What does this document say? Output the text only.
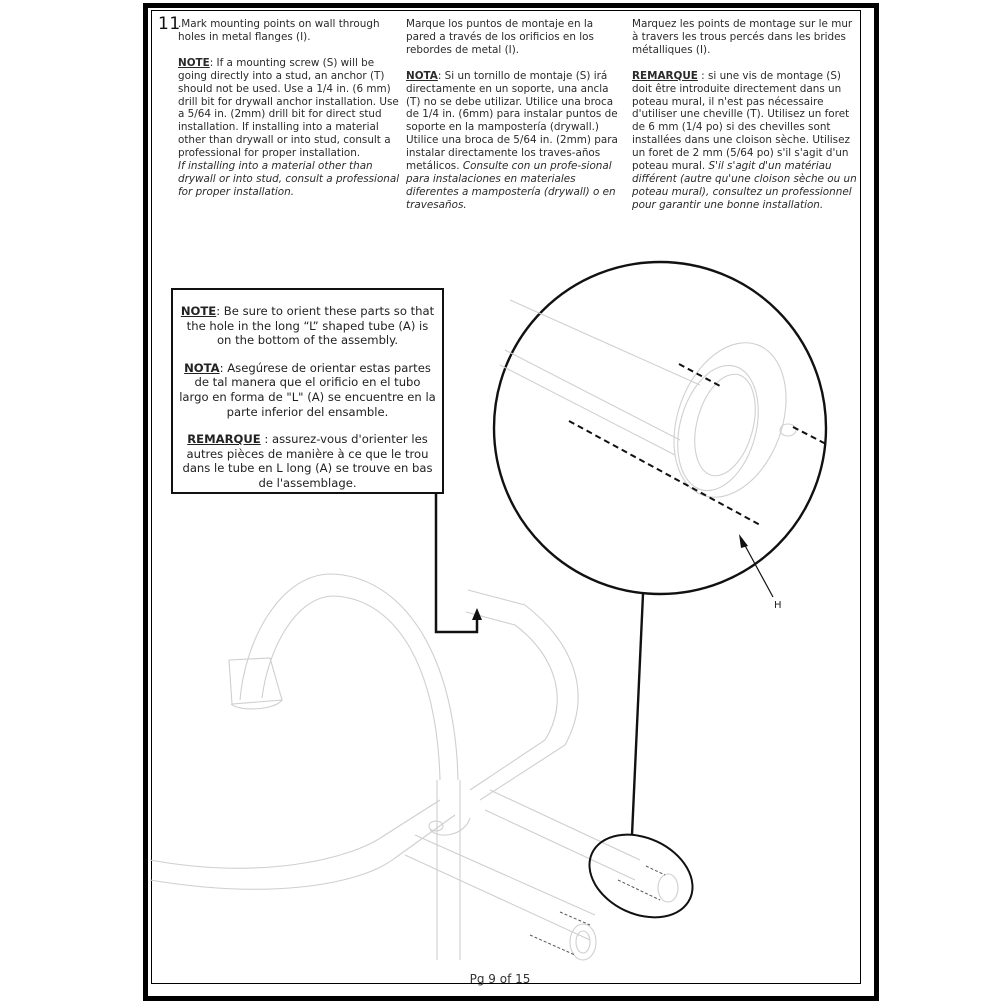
11

.Mark mounting points on wall through holes in metal flanges (I).

NOTE: If a mounting screw (S) will be going directly into a stud, an anchor (T) should not be used. Use a 1/4 in. (6 mm) drill bit for drywall anchor installation. Use a 5/64 in. (2mm) drill bit for direct stud installation. If installing into a material other than drywall or into stud, consult a professional for proper installation.
If installing into a material other than drywall or into stud, consult a professional for proper installation.

Marque los puntos de montaje en la pared a través de los orificios en los rebordes de metal (I).

NOTA: Si un tornillo de montaje (S) irá directamente en un soporte, una ancla (T) no se debe utilizar. Utilice una broca de 1/4 in. (6mm) para instalar puntos de soporte en la mampostería (drywall.) Utilice una broca de 5/64 in. (2mm) para instalar directamente los traves-años metálicos. Consulte con un profe-sional para instalaciones en materiales diferentes a mampostería (drywall) o en travesaños.

Marquez les points de montage sur le mur à travers les trous percés dans les brides métalliques (I).

REMARQUE : si une vis de montage (S) doit être introduite directement dans un poteau mural, il n'est pas nécessaire d'utiliser une cheville (T). Utilisez un foret de 6 mm (1/4 po) si des chevilles sont installées dans une cloison sèche. Utilisez un foret de 2 mm (5/64 po) s'il s'agit d'un poteau mural. S'il s'agit d'un matériau différent (autre qu'une cloison sèche ou un poteau mural), consultez un professionnel pour garantir une bonne installation.

H

NOTE: Be sure to orient these parts so that the hole in the long “L” shaped tube (A) is on the bottom of the assembly.

NOTA: Asegúrese de orientar estas partes de tal manera que el orificio en el tubo largo en forma de "L" (A) se encuentre en la parte inferior del ensamble.

REMARQUE : assurez-vous d'orienter les autres pièces de manière à ce que le trou dans le tube en L long (A) se trouve en bas de l'assemblage.

Pg 9 of 15
